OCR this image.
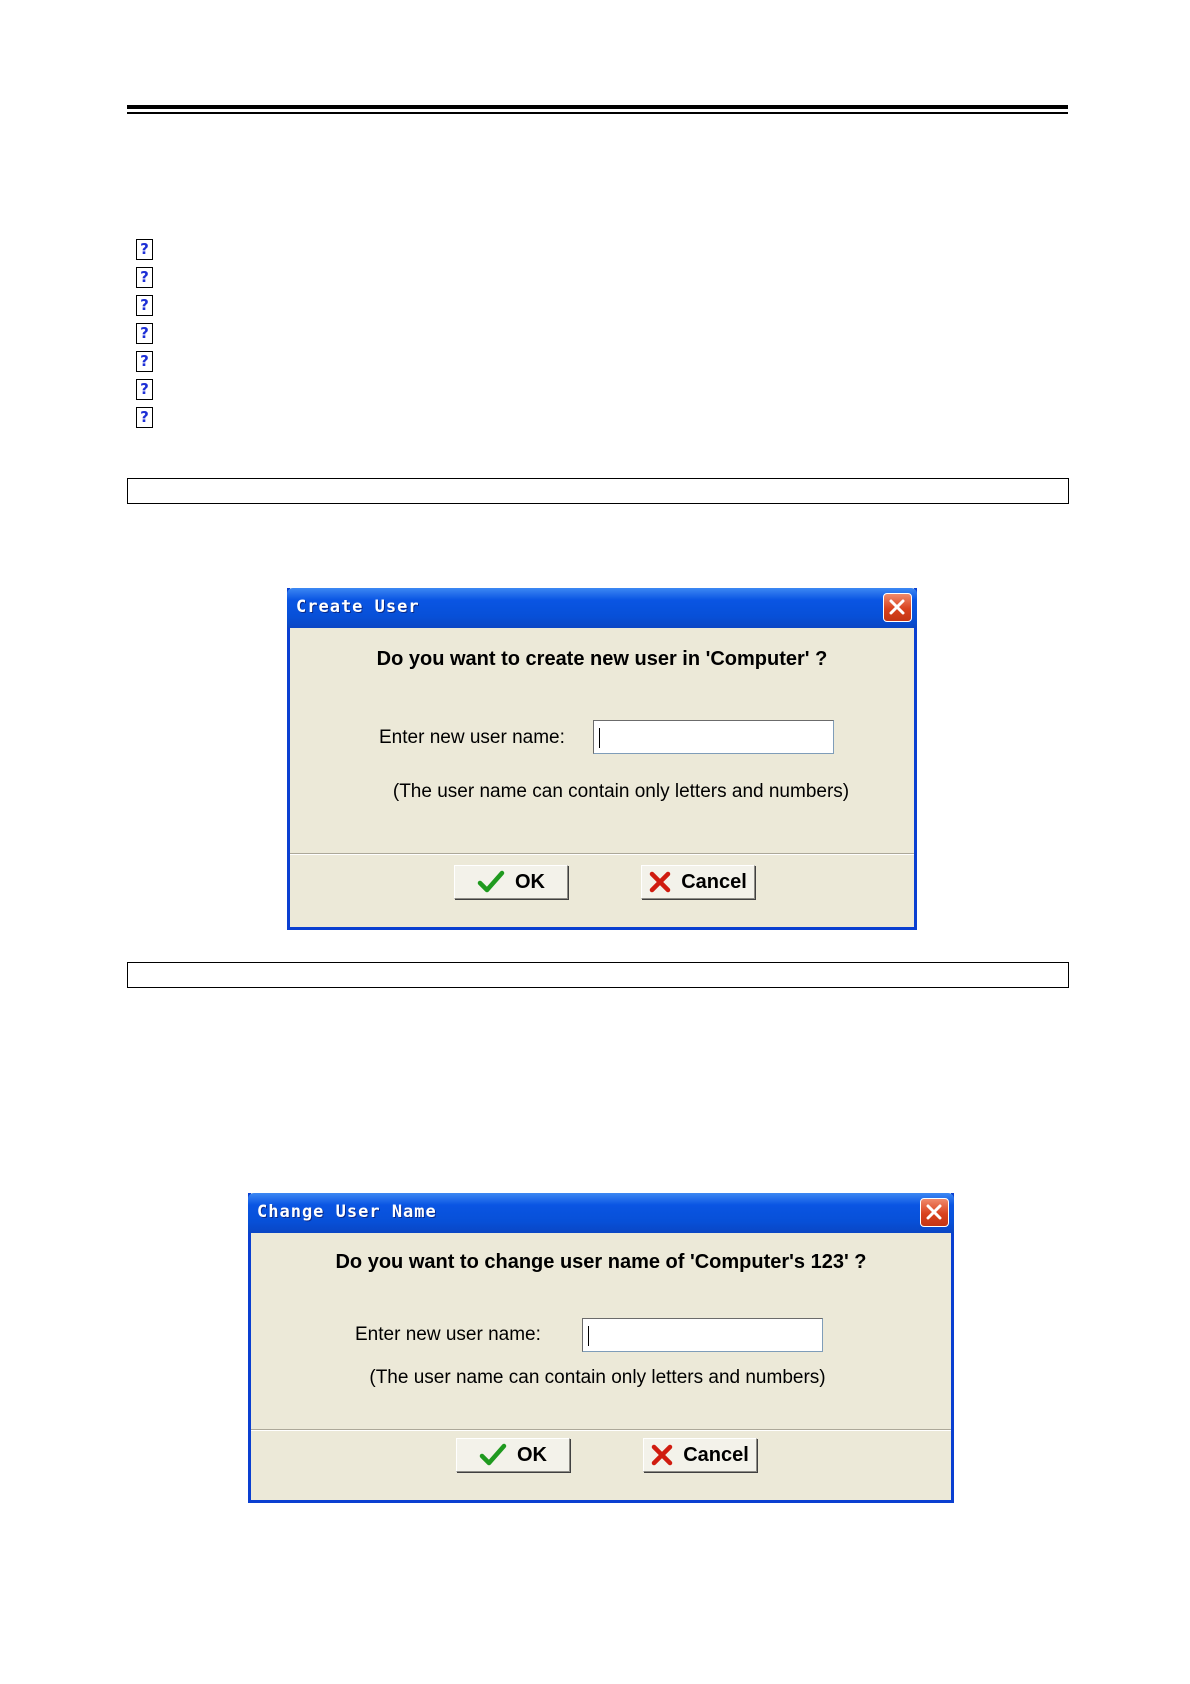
?
?
?
?
?
?
?
Create User
Do you want to create new user in 'Computer' ?
Enter new user name:
(The user name can contain only letters and numbers)
OK	Cancel
Change User Name
Do you want to change user name of 'Computer's 123' ?
Enter new user name:
(The user name can contain only letters and numbers)
OK	Cancel
